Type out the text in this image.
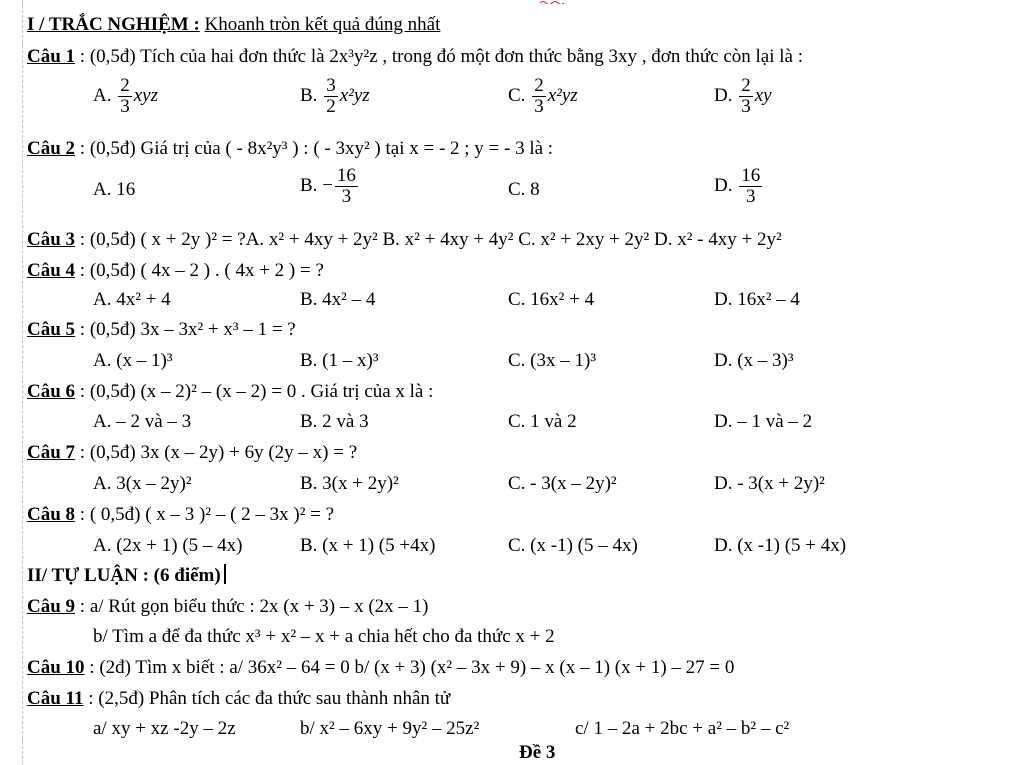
I / TRẮC NGHIỆM : Khoanh tròn kết quả đúng nhất
Câu 1 : (0,5đ) Tích của hai đơn thức là 2x³y²z , trong đó một đơn thức bằng 3xy , đơn thức còn lại là :
A. $\frac{2}{3}$ xyz	B. $\frac{3}{2} x^2yz$	C. $\frac{2}{3} x^2yz$	D. $\frac{2}{3}$ xy
Câu 2 : (0,5đ) Giá trị của ( - 8x²y³ ) : ( - 3xy² ) tại x = - 2 ; y = - 3 là :
A. 16	B. − $\frac{16}{3}$	C. 8	D. $\frac{16}{3}$
Câu 3 : (0,5đ) ( x + 2y )² = ?A. x² + 4xy + 2y² B. x² + 4xy + 4y² C. x² + 2xy + 2y² D. x² - 4xy + 2y²
Câu 4 : (0,5đ) ( 4x – 2 ) . ( 4x + 2 ) = ?
A. 4x² + 4	B. 4x² – 4	C. 16x² + 4	D. 16x² – 4
Câu 5 : (0,5đ) 3x – 3x² + x³ – 1 = ?
A. (x – 1)³	B. (1 – x)³	C. (3x – 1)³	D. (x – 3)³
Câu 6 : (0,5đ) (x – 2)² – (x – 2) = 0 . Giá trị của x là :
A. – 2 và – 3	B. 2 và 3	C. 1 và 2	D. – 1 và – 2
Câu 7 : (0,5đ) 3x (x – 2y) + 6y (2y – x) = ?
A. 3(x – 2y)²	B. 3(x + 2y)²	C. - 3(x – 2y)²	D. - 3(x + 2y)²
Câu 8 : ( 0,5đ) ( x – 3 )² – ( 2 – 3x )² = ?
A. (2x + 1) (5 – 4x)	B. (x + 1) (5 +4x)	C. (x -1) (5 – 4x)	D. (x -1) (5 + 4x)
II/ TỰ LUẬN : (6 điểm)
Câu 9 : a/ Rút gọn biểu thức : 2x (x + 3) – x (2x – 1)
b/ Tìm a để đa thức x³ + x² – x + a chia hết cho đa thức x + 2
Câu 10 : (2đ) Tìm x biết : a/ 36x² – 64 = 0 b/ (x + 3) (x² – 3x + 9) – x (x – 1) (x + 1) – 27 = 0
Câu 11 : (2,5đ) Phân tích các đa thức sau thành nhân tử
a/ xy + xz -2y – 2z	b/ x² – 6xy + 9y² – 25z²	c/ 1 – 2a + 2bc + a² – b² – c²
Đề 3
